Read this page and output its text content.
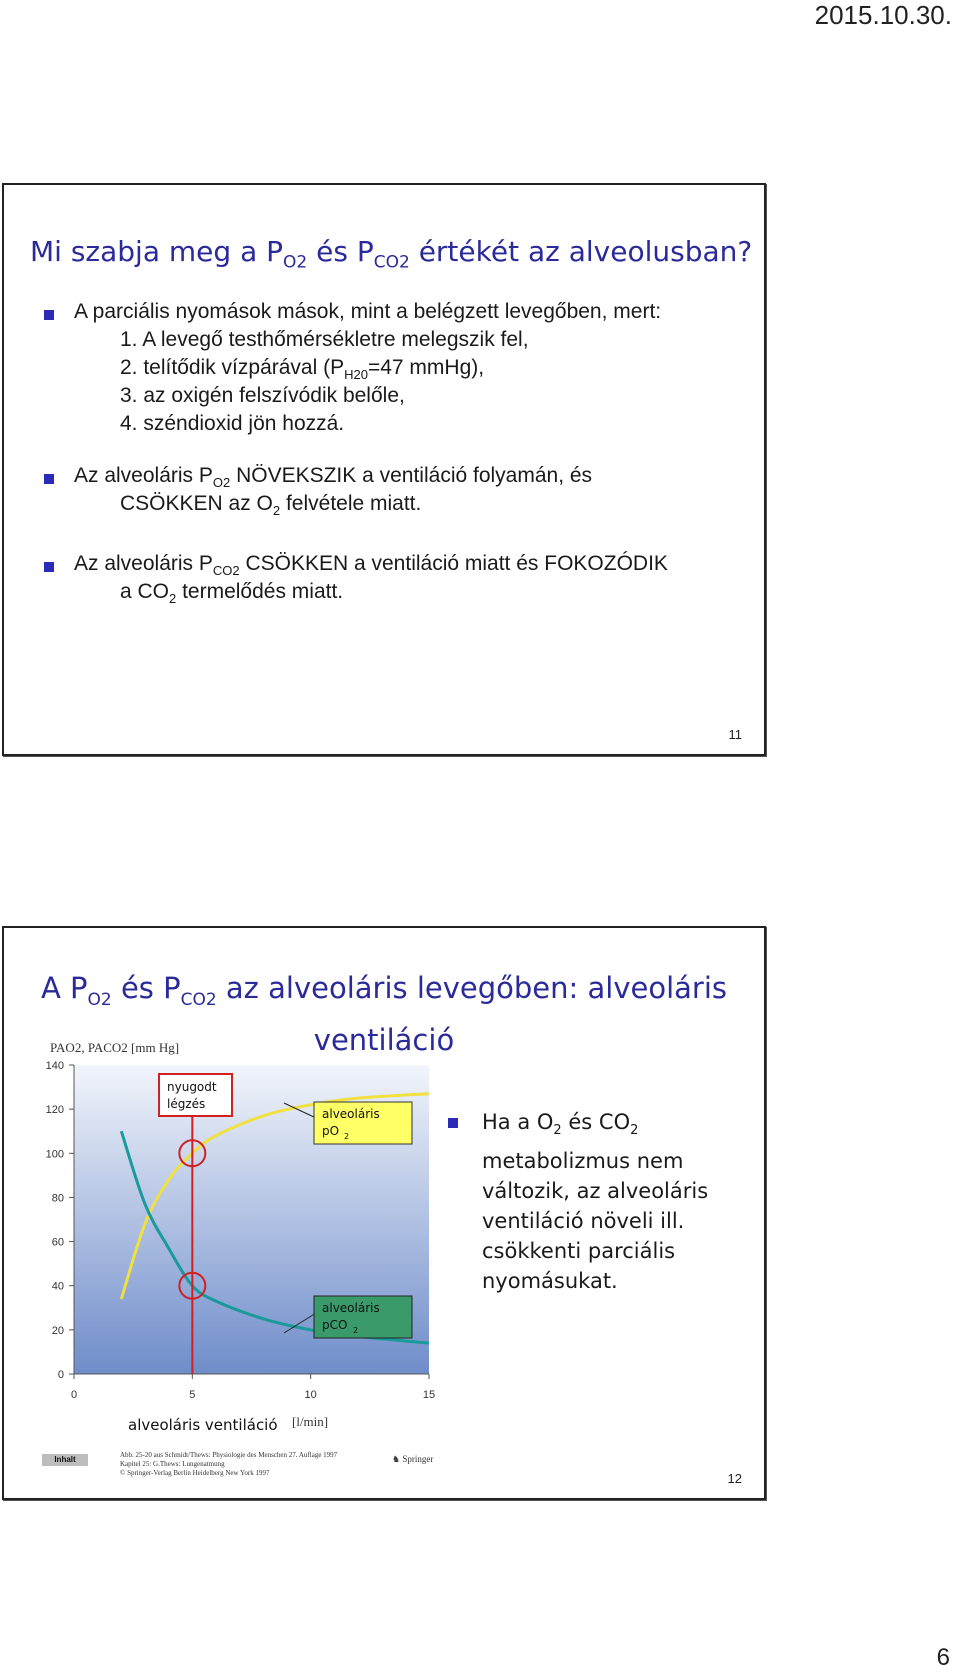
2015.10.30.
Mi szabja meg a $P_{O2}$ és $P_{CO2}$ értékét az alveolusban?
A parciális nyomások mások, mint a belégzett levegőben, mert:
1. A levegő testhőmérsékletre melegszik fel,
2. telítődik vízpárával ($P_{H20}=47$ mmHg),
3. az oxigén felszívódik belőle,
4. széndioxid jön hozzá.
Az alveoláris $P_{O2}$ NÖVEKSZIK a ventiláció folyamán, és
CSÖKKEN az $O_2$ felvétele miatt.
Az alveoláris $P_{CO2}$ CSÖKKEN a ventiláció miatt és FOKOZÓDIK
a $CO_2$ termelődés miatt.
11
A $P_{O2}$ és $P_{CO2}$ az alveoláris levegőben: alveoláris
ventiláció
140
120
100
80
60
40
20
0
0	5	10	15
nyugodt
légzés
alveoláris
pO 2
alveoláris
pCO 2
PAO2, PACO2 [mm Hg]
alveoláris ventiláció [l/min]
Ha a $O_2$ és $CO_2$
metabolizmus nem
változik, az alveoláris
ventiláció növeli ill.
csökkenti parciális
nyomásukat.
Inhalt	Abb. 25-20 aus Schmidt/Thews: Physiologie des Menschen 27. Auflage 1997
Kapitel 25: G.Thews: Lungenatmung
© Springer-Verlag Berlin Heidelberg New York 1997
♞ Springer
12
6
